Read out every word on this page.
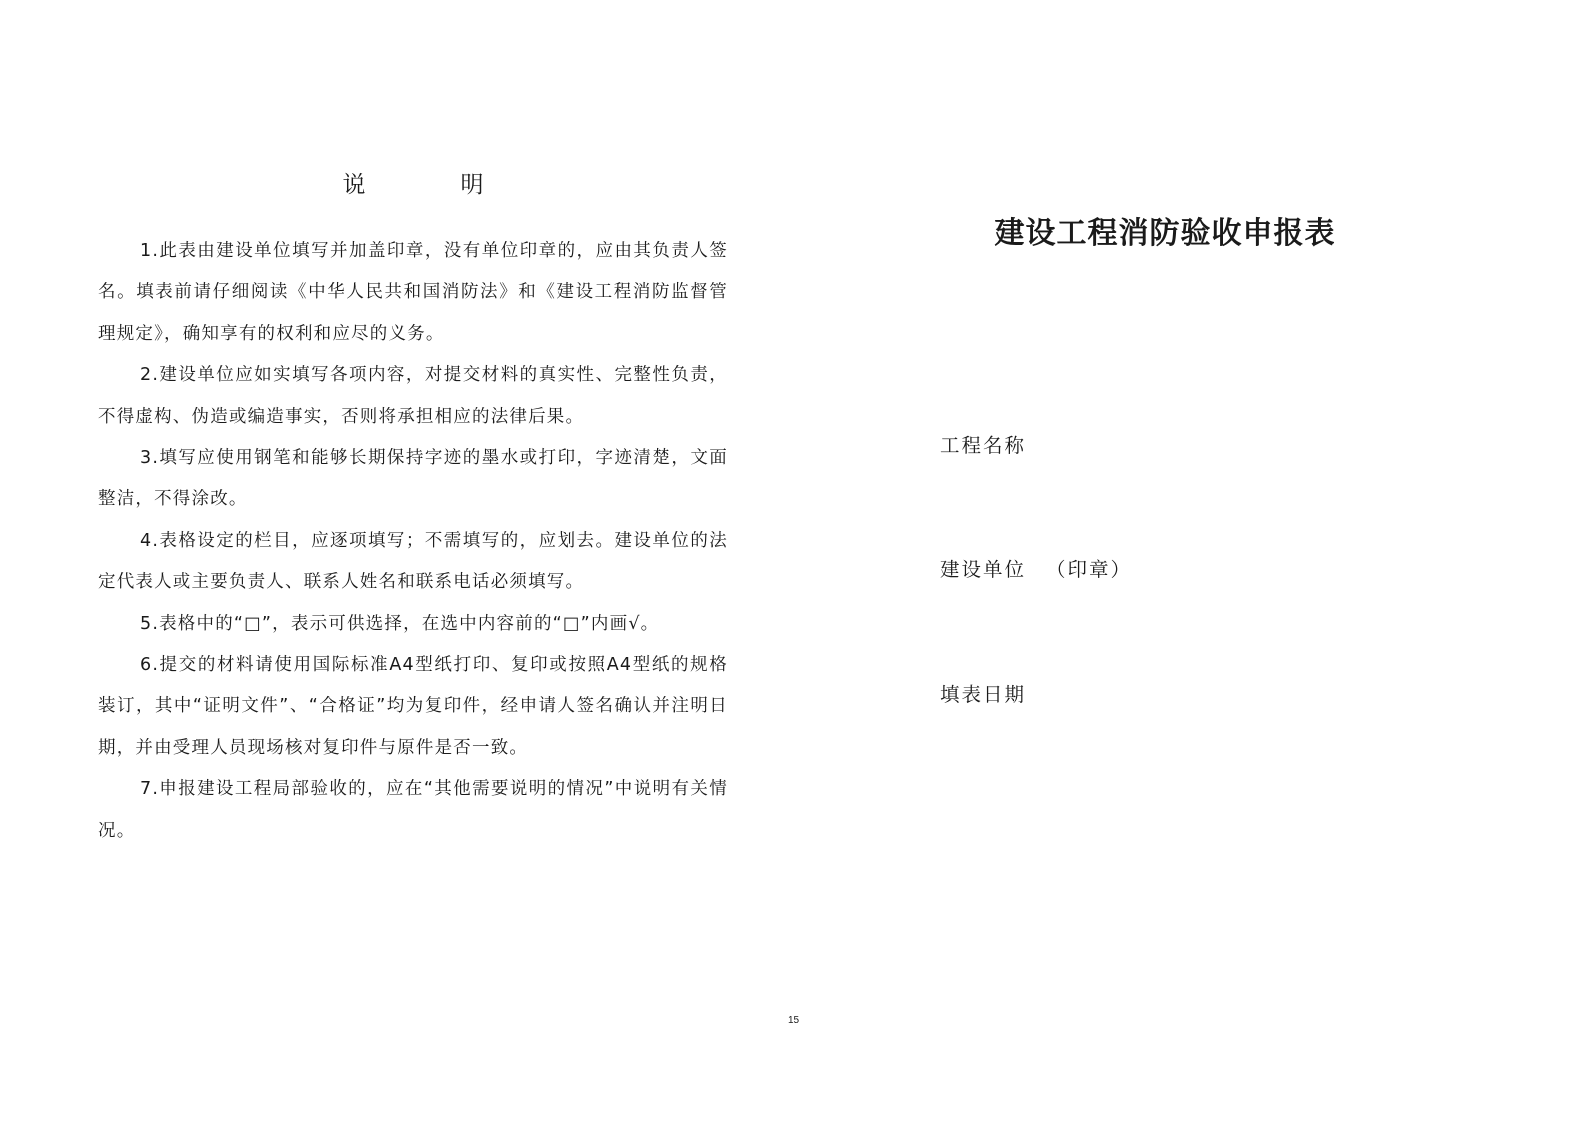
说　明
1.此表由建设单位填写并加盖印章，没有单位印章的，应由其负责人签名。填表前请仔细阅读《中华人民共和国消防法》和《建设工程消防监督管理规定》，确知享有的权利和应尽的义务。
2.建设单位应如实填写各项内容，对提交材料的真实性、完整性负责，不得虚构、伪造或编造事实，否则将承担相应的法律后果。
3.填写应使用钢笔和能够长期保持字迹的墨水或打印，字迹清楚，文面整洁，不得涂改。
4.表格设定的栏目，应逐项填写；不需填写的，应划去。建设单位的法定代表人或主要负责人、联系人姓名和联系电话必须填写。
5.表格中的“□”，表示可供选择，在选中内容前的“□”内画√。
6.提交的材料请使用国际标准A4型纸打印、复印或按照A4型纸的规格装订，其中“证明文件”、“合格证”均为复印件，经申请人签名确认并注明日期，并由受理人员现场核对复印件与原件是否一致。
7.申报建设工程局部验收的，应在“其他需要说明的情况”中说明有关情况。
建设工程消防验收申报表
工程名称
建设单位 （印章）
填表日期
15
